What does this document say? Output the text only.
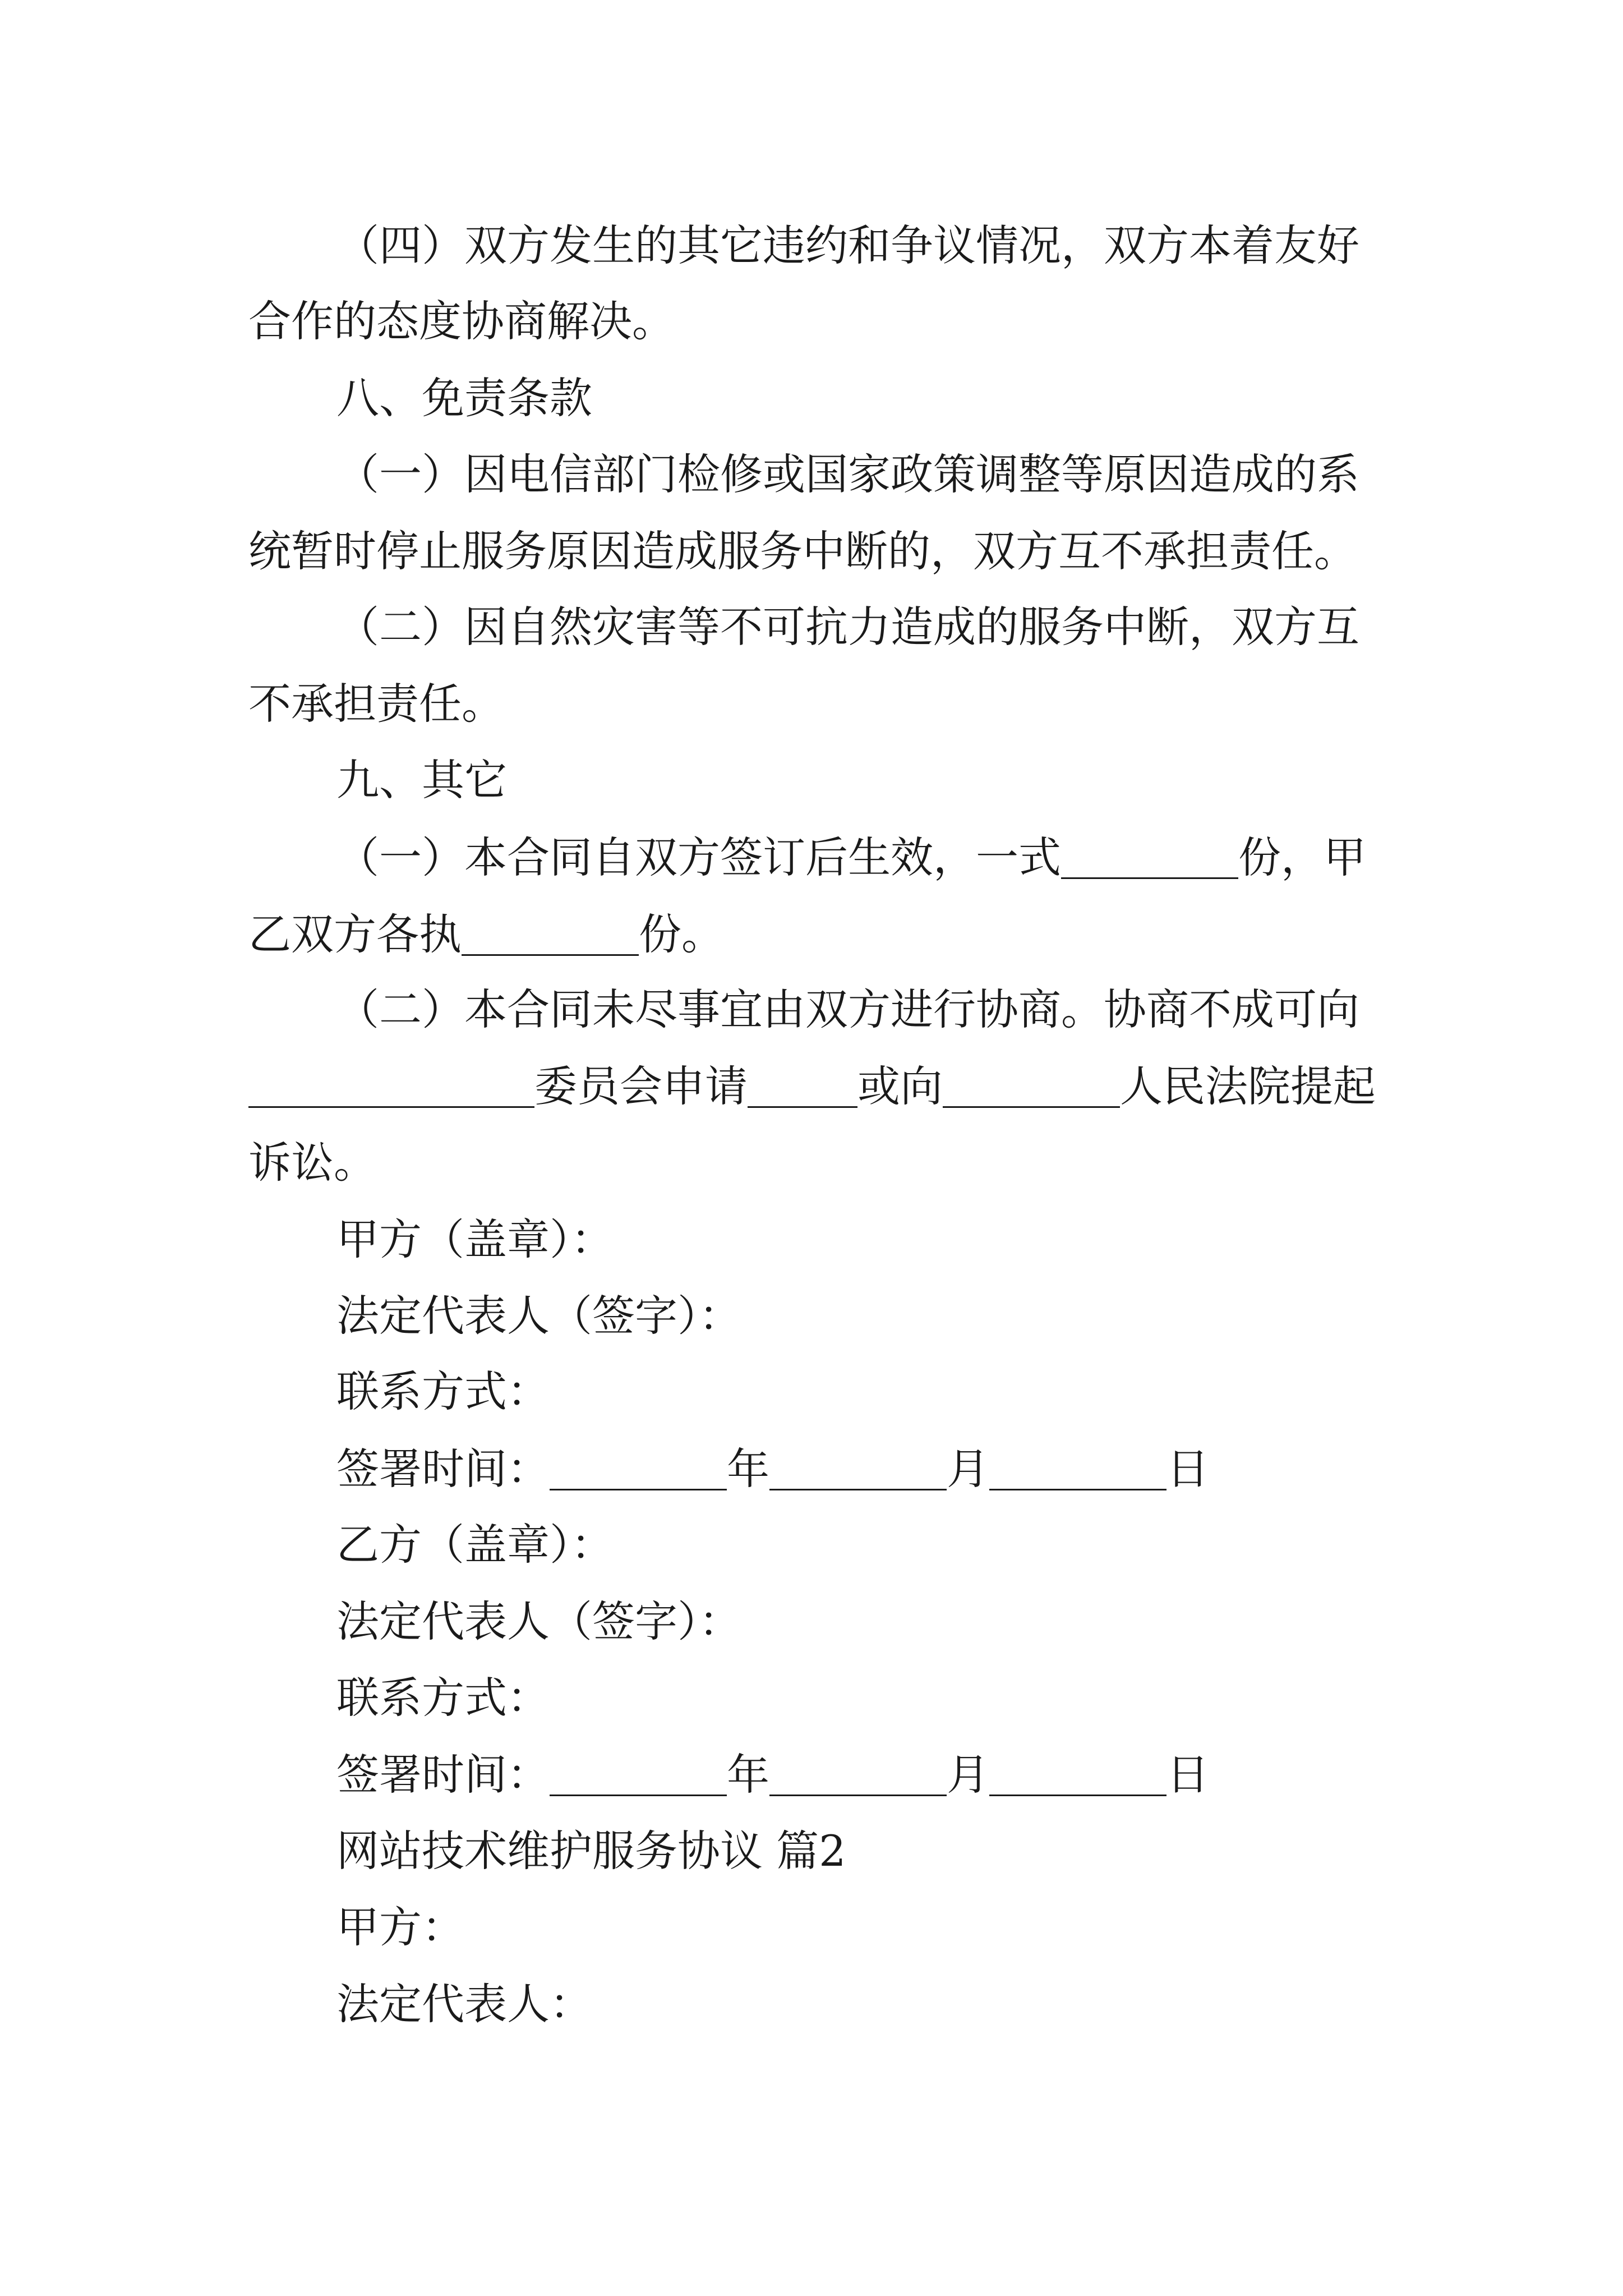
（四）双方发生的其它违约和争议情况，双方本着友好
合作的态度协商解决。
八、免责条款
（一）因电信部门检修或国家政策调整等原因造成的系
统暂时停止服务原因造成服务中断的，双方互不承担责任。
（二）因自然灾害等不可抗力造成的服务中断，双方互
不承担责任。
九、其它
（一）本合同自双方签订后生效，一式	份，甲
乙双方各执	份。
（二）本合同未尽事宜由双方进行协商。协商不成可向
委员会申请	或向	人民法院提起
诉讼。
甲方（盖章）：
法定代表人（签字）：
联系方式：
签署时间：	年	月	日
乙方（盖章）：
法定代表人（签字）：
联系方式：
签署时间：	年	月	日
网站技术维护服务协议 篇2
甲方：
法定代表人：
